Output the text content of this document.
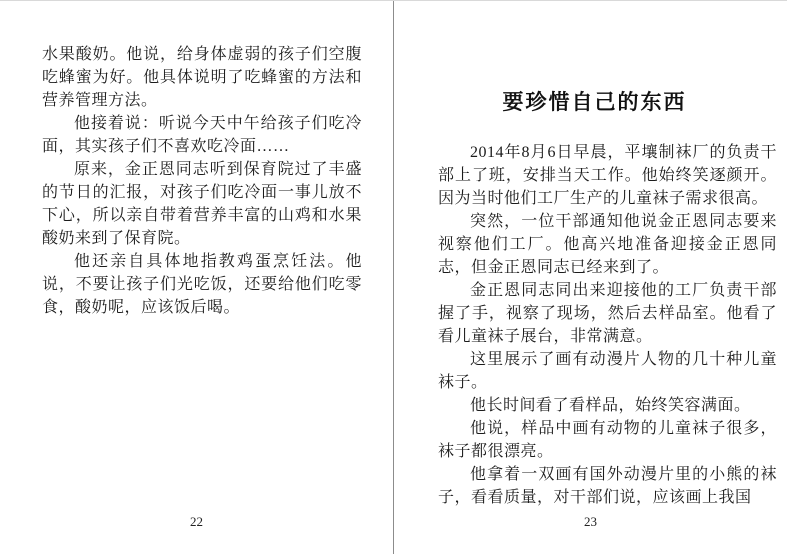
水果酸奶。他说，给身体虚弱的孩子们空腹吃蜂蜜为好。他具体说明了吃蜂蜜的方法和营养管理方法。

他接着说：听说今天中午给孩子们吃冷面，其实孩子们不喜欢吃冷面……

原来，金正恩同志听到保育院过了丰盛的节日的汇报，对孩子们吃冷面一事儿放不下心，所以亲自带着营养丰富的山鸡和水果酸奶来到了保育院。

他还亲自具体地指教鸡蛋烹饪法。他说，不要让孩子们光吃饭，还要给他们吃零食，酸奶呢，应该饭后喝。

22
要珍惜自己的东西

2014年8月6日早晨，平壤制袜厂的负责干部上了班，安排当天工作。他始终笑逐颜开。因为当时他们工厂生产的儿童袜子需求很高。

突然，一位干部通知他说金正恩同志要来视察他们工厂。他高兴地准备迎接金正恩同志，但金正恩同志已经来到了。

金正恩同志同出来迎接他的工厂负责干部握了手，视察了现场，然后去样品室。他看了看儿童袜子展台，非常满意。

这里展示了画有动漫片人物的几十种儿童袜子。

他长时间看了看样品，始终笑容满面。

他说，样品中画有动物的儿童袜子很多，袜子都很漂亮。

他拿着一双画有国外动漫片里的小熊的袜子，看看质量，对干部们说，应该画上我国

23
